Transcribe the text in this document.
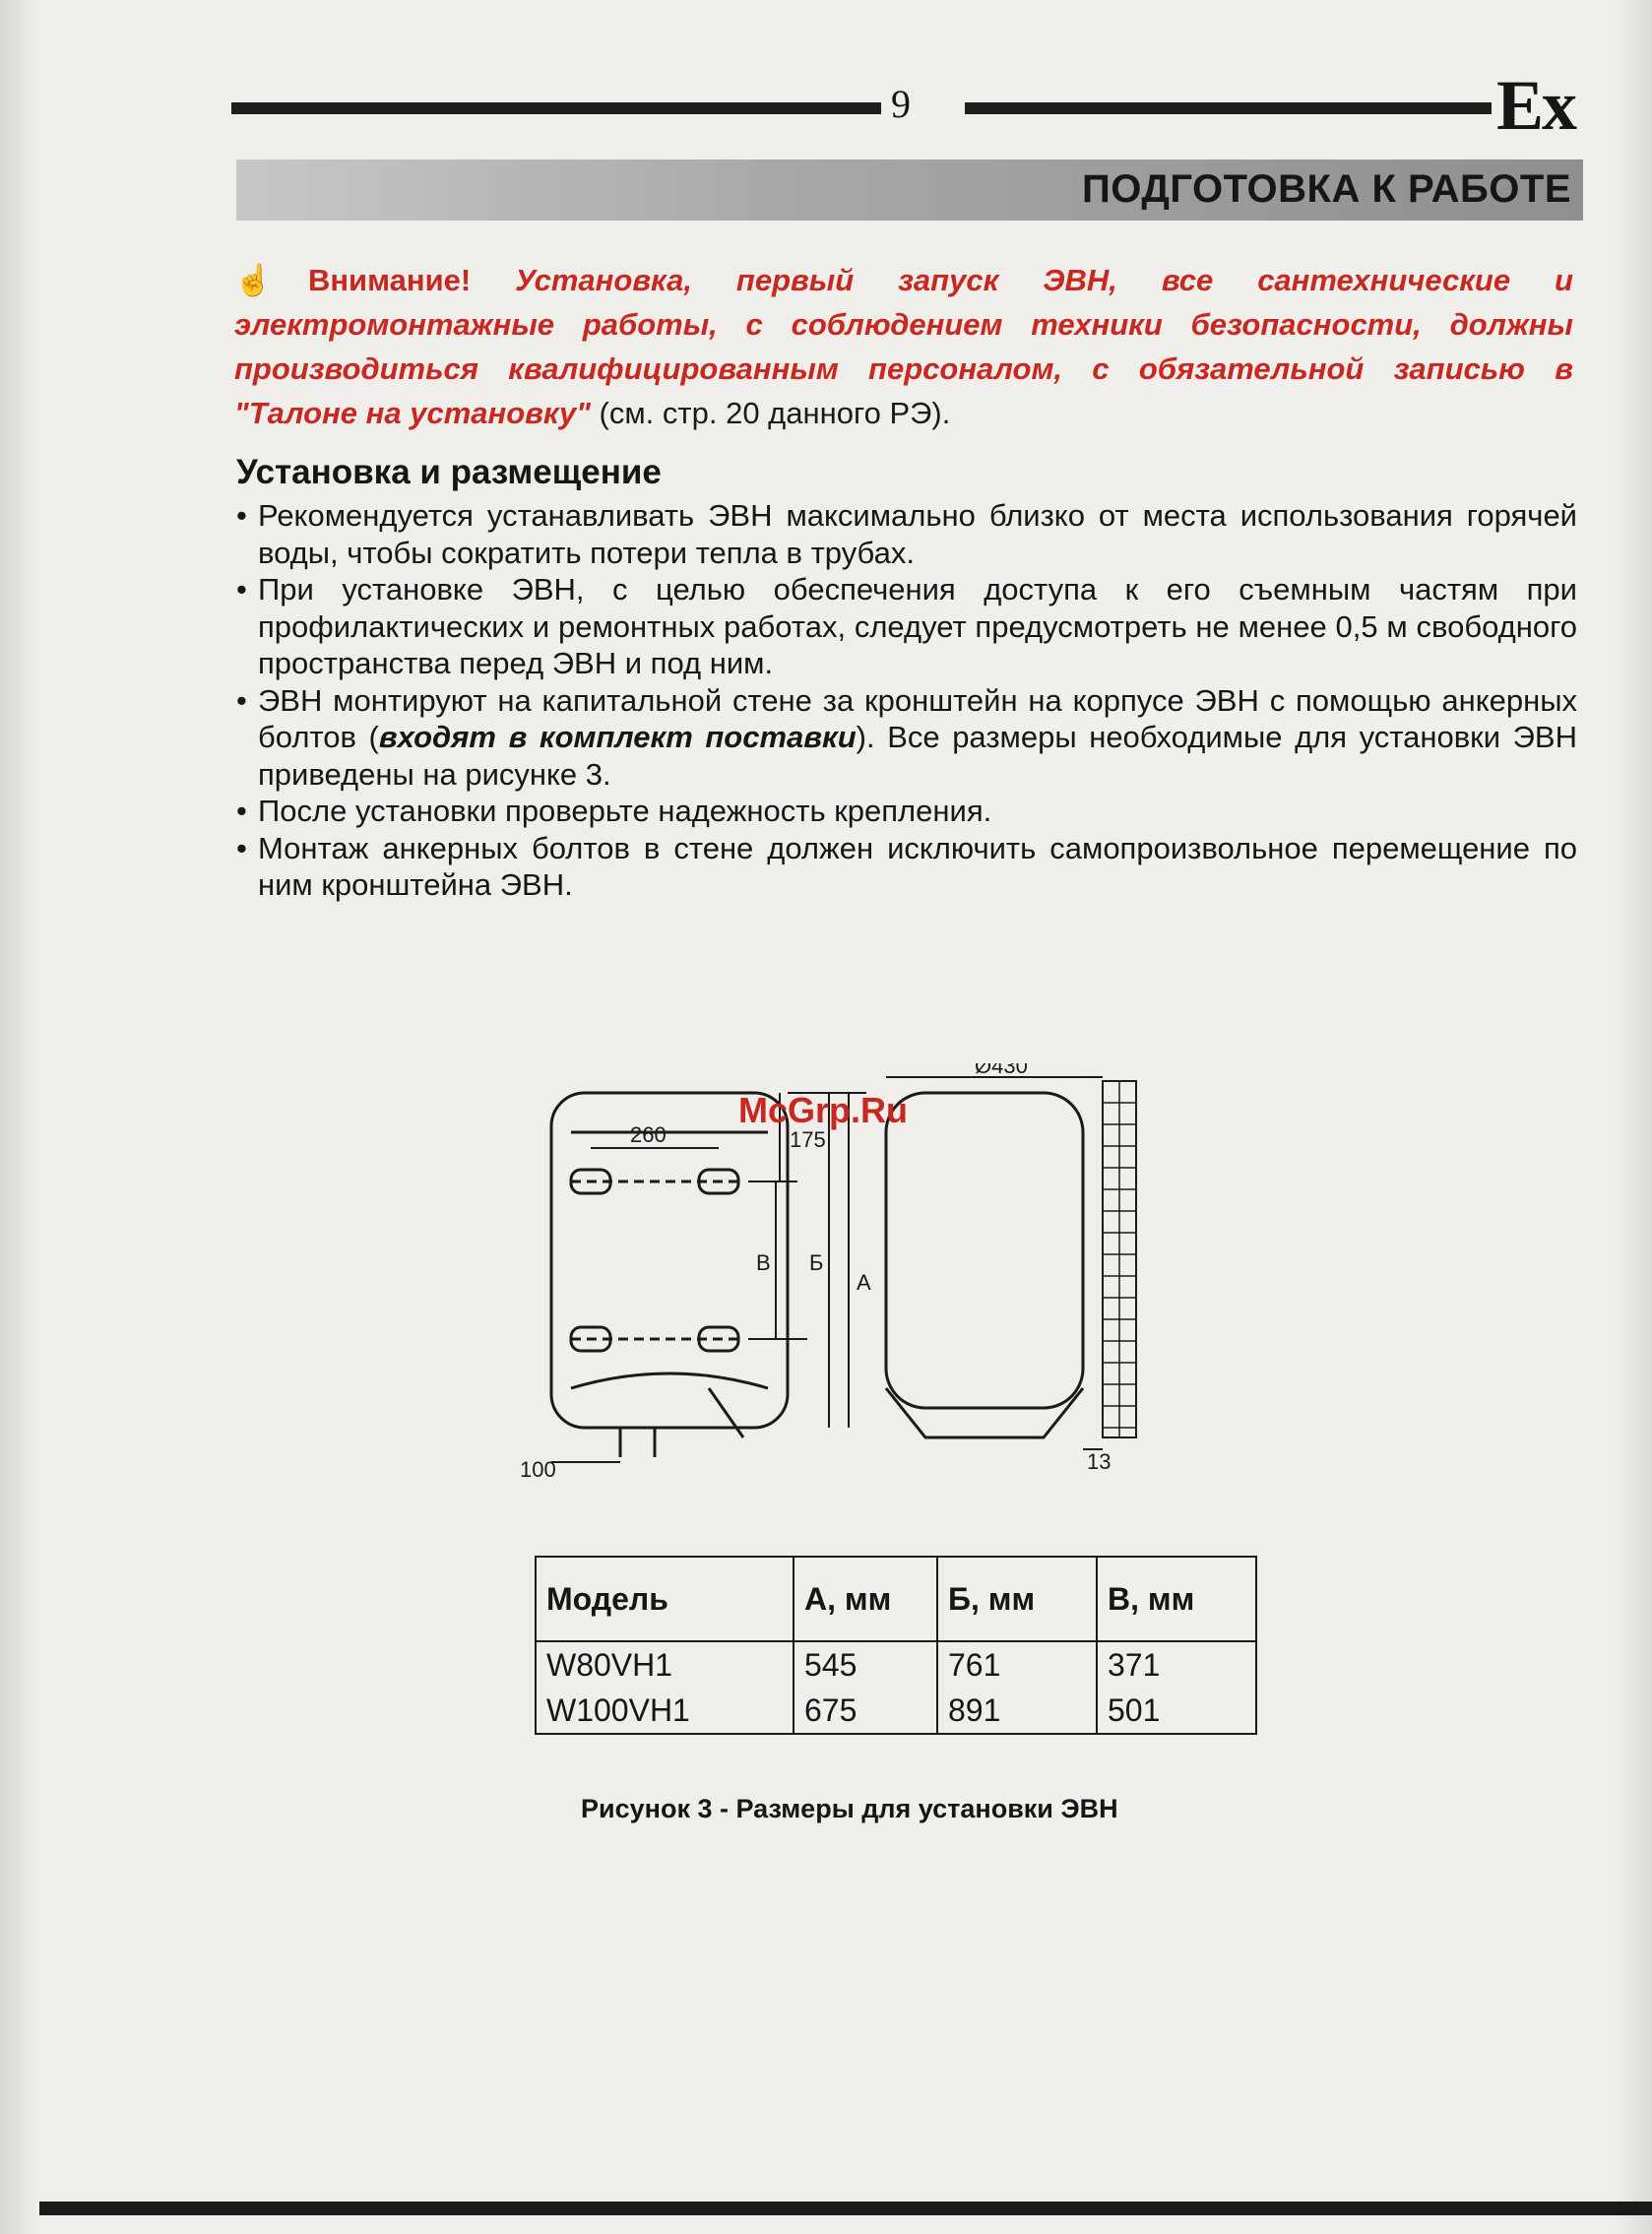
9	Ex
ПОДГОТОВКА К РАБОТЕ
☝ Внимание! Установка, первый запуск ЭВН, все сантехнические и электромонтажные работы, с соблюдением техники безопасности, должны производиться квалифицированным персоналом, с обязательной записью в "Талоне на установку" (см. стр. 20 данного РЭ).
Установка и размещение
• Рекомендуется устанавливать ЭВН максимально близко от места использования горячей воды, чтобы сократить потери тепла в трубах.
• При установке ЭВН, с целью обеспечения доступа к его съемным частям при профилактических и ремонтных работах, следует предусмотреть не менее 0,5 м свободного пространства перед ЭВН и под ним.
• ЭВН монтируют на капитальной стене за кронштейн на корпусе ЭВН с помощью анкерных болтов (входят в комплект поставки). Все размеры необходимые для установки ЭВН приведены на рисунке 3.
• После установки проверьте надежность крепления.
• Монтаж анкерных болтов в стене должен исключить самопроизвольное перемещение по ним кронштейна ЭВН.
260	175
В Б
А
Ø430
100	13
McGrp.Ru
Модель	А, мм	Б, мм	В, мм
W80VH1	545	761	371
W100VH1	675	891	501
Рисунок 3 - Размеры для установки ЭВН
